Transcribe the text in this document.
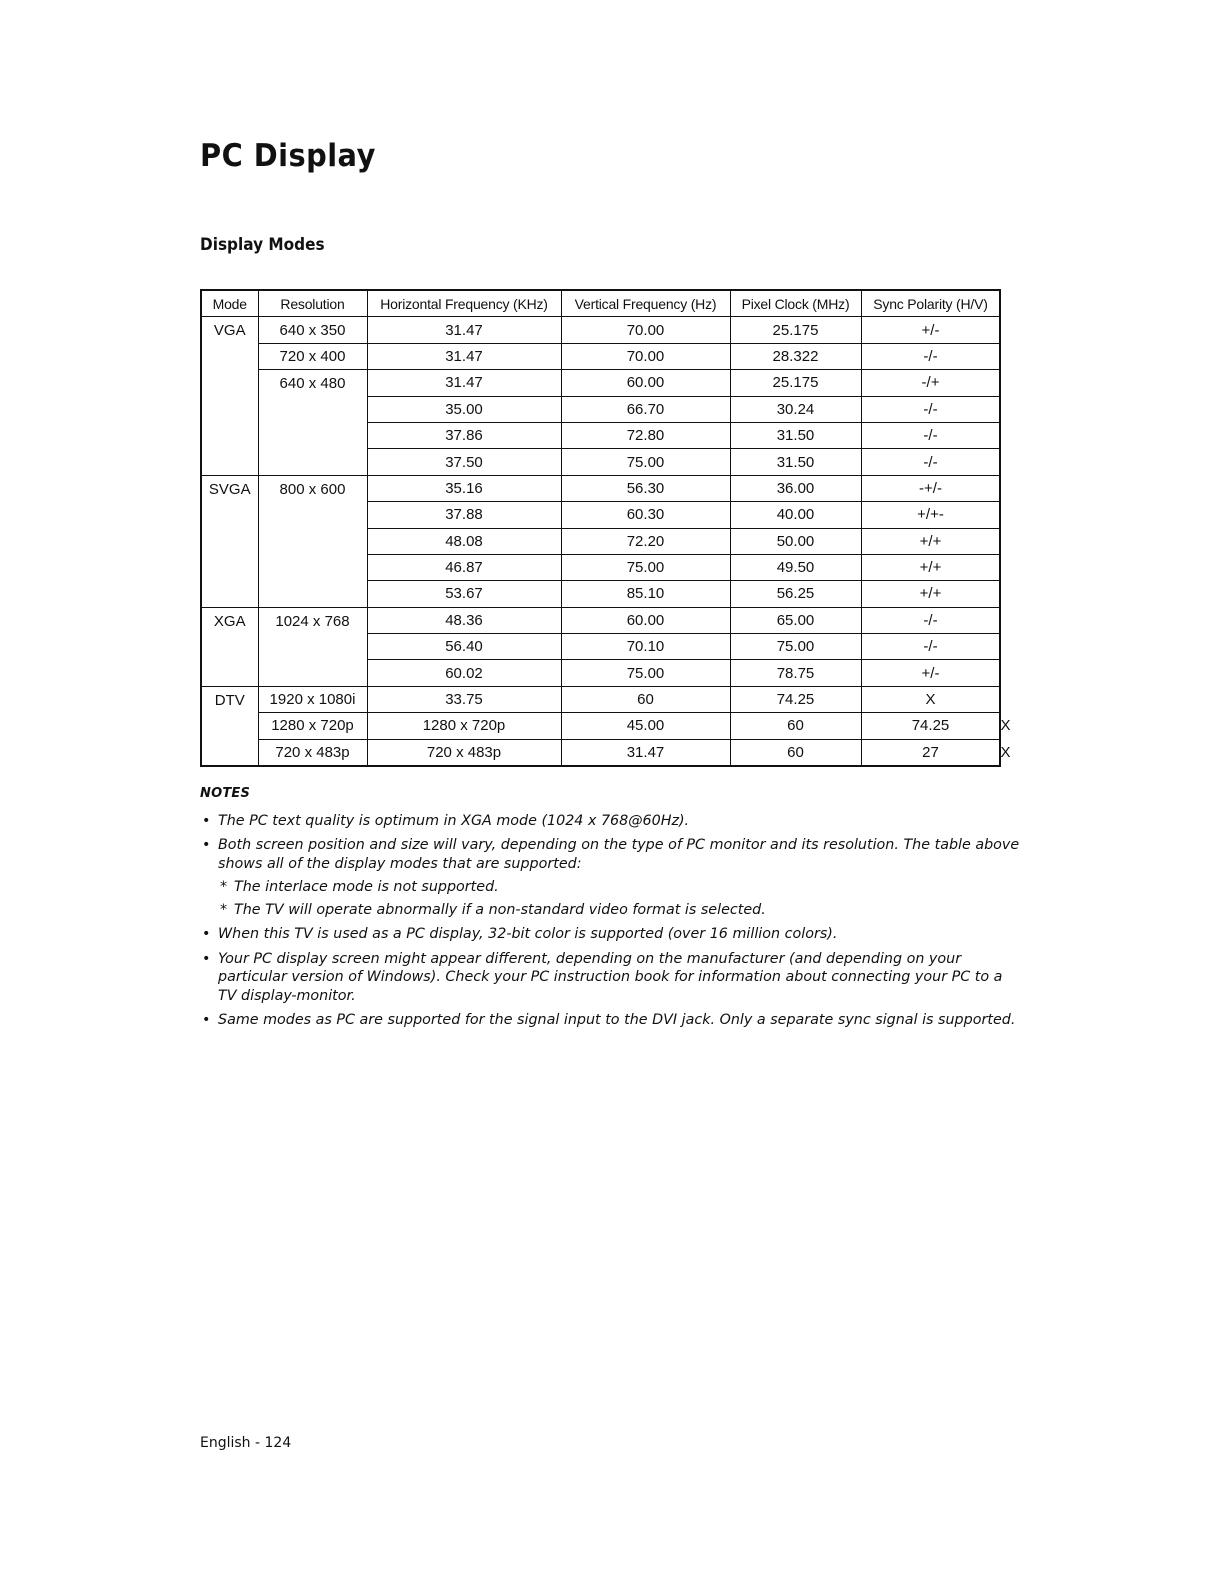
PC Display
Display Modes
Mode	Resolution	Horizontal Frequency (KHz)	Vertical Frequency (Hz)	Pixel Clock (MHz)	Sync Polarity (H/V)	
VGA	640 x 350	31.47	70.00	25.175	+/-	
	720 x 400	31.47	70.00	28.322	-/-	
	640 x 480	31.47	60.00	25.175	-/+	
		35.00	66.70	30.24	-/-	
		37.86	72.80	31.50	-/-	
		37.50	75.00	31.50	-/-	
SVGA	800 x 600	35.16	56.30	36.00	-+/-	
		37.88	60.30	40.00	+/+-	
		48.08	72.20	50.00	+/+	
		46.87	75.00	49.50	+/+	
		53.67	85.10	56.25	+/+	
XGA	1024 x 768	48.36	60.00	65.00	-/-	
		56.40	70.10	75.00	-/-	
		60.02	75.00	78.75	+/-	
DTV	1920 x 1080i	33.75	60	74.25	X	
	1280 x 720p	1280 x 720p	45.00	60	74.25	X
	720 x 483p	720 x 483p	31.47	60	27	X
NOTES
• The PC text quality is optimum in XGA mode (1024 x 768@60Hz).
• Both screen position and size will vary, depending on the type of PC monitor and its resolution. The table above shows all of the display modes that are supported:
* The interlace mode is not supported.
* The TV will operate abnormally if a non-standard video format is selected.
• When this TV is used as a PC display, 32-bit color is supported (over 16 million colors).
• Your PC display screen might appear different, depending on the manufacturer (and depending on your particular version of Windows). Check your PC instruction book for information about connecting your PC to a TV display-monitor.
• Same modes as PC are supported for the signal input to the DVI jack. Only a separate sync signal is supported.
English - 124
